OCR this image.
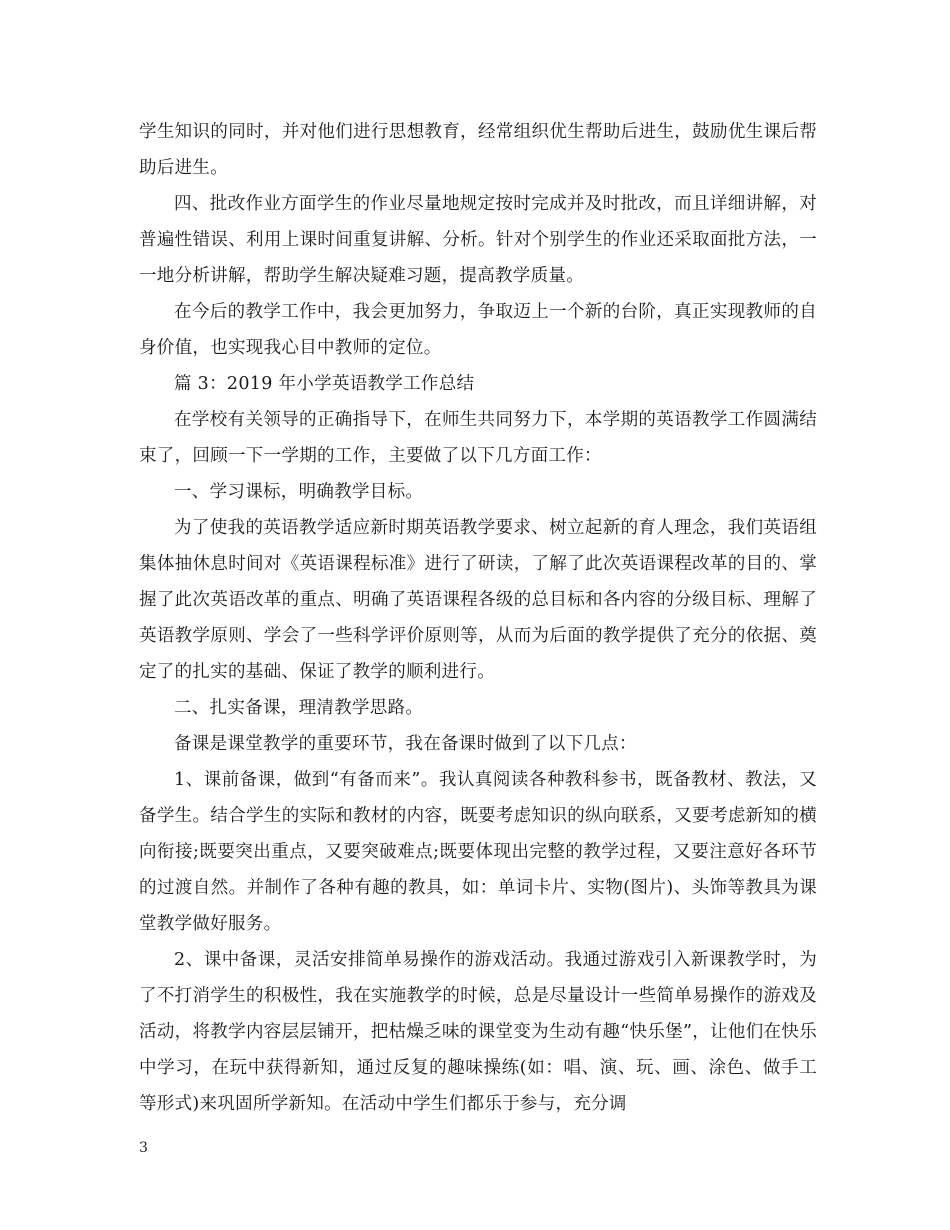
学生知识的同时，并对他们进行思想教育，经常组织优生帮助后进生，鼓励优生课后帮助后进生。

四、批改作业方面学生的作业尽量地规定按时完成并及时批改，而且详细讲解，对普遍性错误、利用上课时间重复讲解、分析。针对个别学生的作业还采取面批方法，一一地分析讲解，帮助学生解决疑难习题，提高教学质量。

在今后的教学工作中，我会更加努力，争取迈上一个新的台阶，真正实现教师的自身价值，也实现我心目中教师的定位。

篇 3：2019 年小学英语教学工作总结

在学校有关领导的正确指导下，在师生共同努力下，本学期的英语教学工作圆满结束了，回顾一下一学期的工作，主要做了以下几方面工作：

一、学习课标，明确教学目标。

为了使我的英语教学适应新时期英语教学要求、树立起新的育人理念，我们英语组集体抽休息时间对《英语课程标准》进行了研读，了解了此次英语课程改革的目的、掌握了此次英语改革的重点、明确了英语课程各级的总目标和各内容的分级目标、理解了英语教学原则、学会了一些科学评价原则等，从而为后面的教学提供了充分的依据、奠定了的扎实的基础、保证了教学的顺利进行。

二、扎实备课，理清教学思路。

备课是课堂教学的重要环节，我在备课时做到了以下几点：

1、课前备课，做到“有备而来”。我认真阅读各种教科参书，既备教材、教法，又备学生。结合学生的实际和教材的内容，既要考虑知识的纵向联系，又要考虑新知的横向衔接;既要突出重点，又要突破难点;既要体现出完整的教学过程，又要注意好各环节的过渡自然。并制作了各种有趣的教具，如：单词卡片、实物(图片)、头饰等教具为课堂教学做好服务。

2、课中备课，灵活安排简单易操作的游戏活动。我通过游戏引入新课教学时，为了不打消学生的积极性，我在实施教学的时候，总是尽量设计一些简单易操作的游戏及活动，将教学内容层层铺开，把枯燥乏味的课堂变为生动有趣“快乐堡”，让他们在快乐中学习，在玩中获得新知，通过反复的趣味操练(如：唱、演、玩、画、涂色、做手工等形式)来巩固所学新知。在活动中学生们都乐于参与，充分调

3
